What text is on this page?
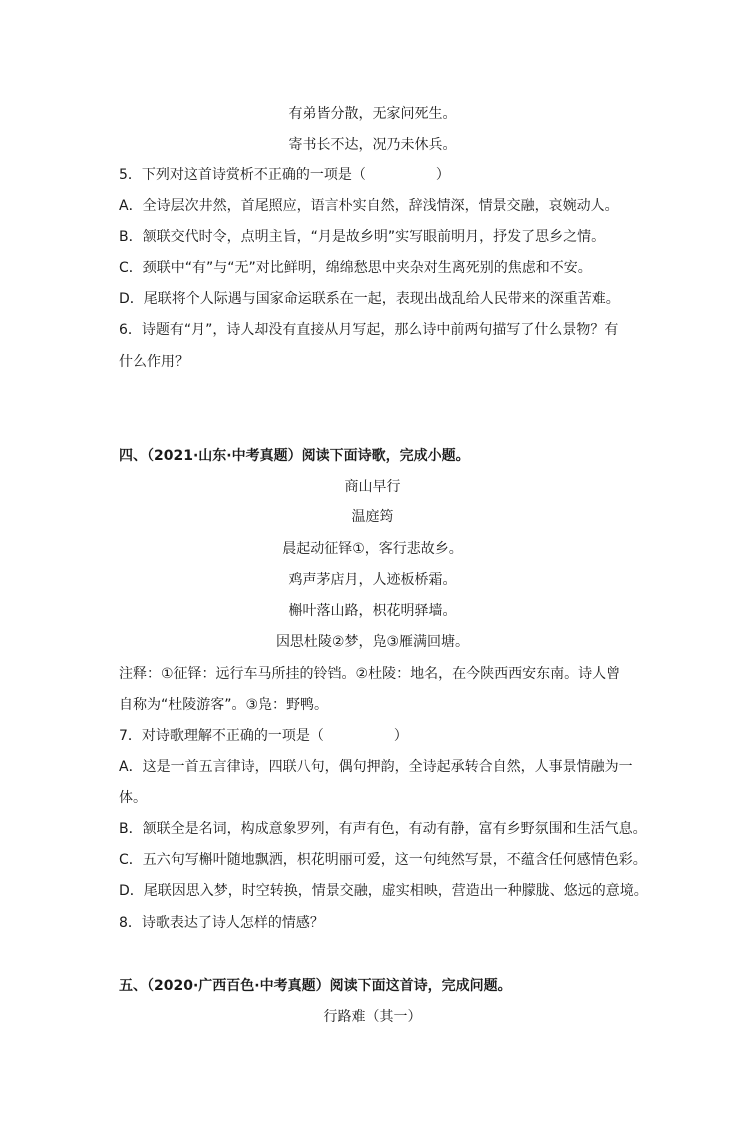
有弟皆分散，无家问死生。
寄书长不达，况乃未休兵。
5．下列对这首诗赏析不正确的一项是（　　　　　）
A．全诗层次井然，首尾照应，语言朴实自然，辞浅情深，情景交融，哀婉动人。
B．颔联交代时令，点明主旨，“月是故乡明”实写眼前明月，抒发了思乡之情。
C．颈联中“有”与“无”对比鲜明，绵绵愁思中夹杂对生离死别的焦虑和不安。
D．尾联将个人际遇与国家命运联系在一起，表现出战乱给人民带来的深重苦难。
6．诗题有“月”，诗人却没有直接从月写起，那么诗中前两句描写了什么景物？有
什么作用？
四、（2021·山东·中考真题）阅读下面诗歌，完成小题。
商山早行
温庭筠
晨起动征铎①，客行悲故乡。
鸡声茅店月，人迹板桥霜。
槲叶落山路，枳花明驿墙。
因思杜陵②梦，凫③雁满回塘。
注释：①征铎：远行车马所挂的铃铛。②杜陵：地名，在今陕西西安东南。诗人曾
自称为“杜陵游客”。③凫：野鸭。
7．对诗歌理解不正确的一项是（　　　　　）
A．这是一首五言律诗，四联八句，偶句押韵，全诗起承转合自然，人事景情融为一
体。
B．颔联全是名词，构成意象罗列，有声有色，有动有静，富有乡野氛围和生活气息。
C．五六句写槲叶随地飘洒，枳花明丽可爱，这一句纯然写景，不蕴含任何感情色彩。
D．尾联因思入梦，时空转换，情景交融，虚实相映，营造出一种朦胧、悠远的意境。
8．诗歌表达了诗人怎样的情感？
五、（2020·广西百色·中考真题）阅读下面这首诗，完成问题。
行路难（其一）
